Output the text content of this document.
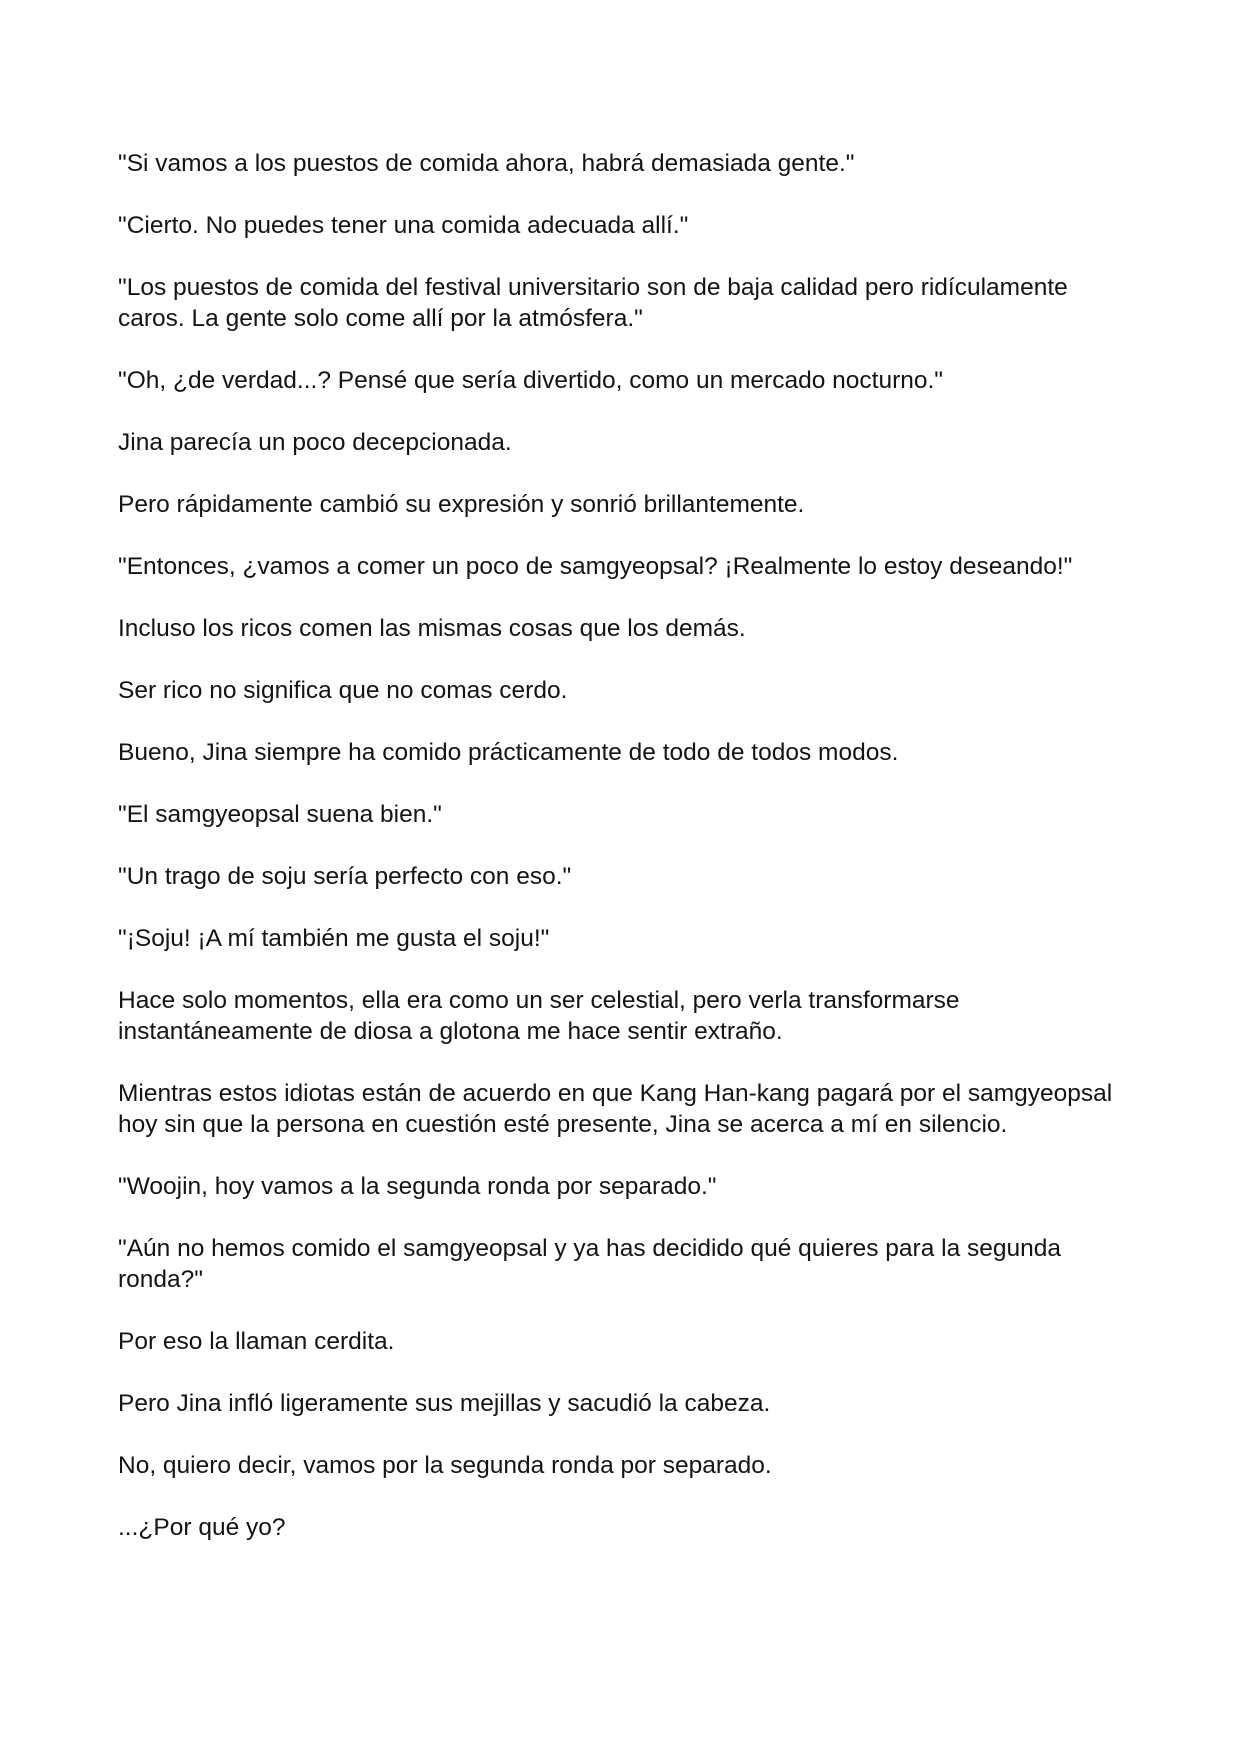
"Si vamos a los puestos de comida ahora, habrá demasiada gente."

"Cierto. No puedes tener una comida adecuada allí."

"Los puestos de comida del festival universitario son de baja calidad pero ridículamente caros. La gente solo come allí por la atmósfera."

"Oh, ¿de verdad...? Pensé que sería divertido, como un mercado nocturno."

Jina parecía un poco decepcionada.

Pero rápidamente cambió su expresión y sonrió brillantemente.

"Entonces, ¿vamos a comer un poco de samgyeopsal? ¡Realmente lo estoy deseando!"

Incluso los ricos comen las mismas cosas que los demás.

Ser rico no significa que no comas cerdo.

Bueno, Jina siempre ha comido prácticamente de todo de todos modos.

"El samgyeopsal suena bien."

"Un trago de soju sería perfecto con eso."

"¡Soju! ¡A mí también me gusta el soju!"

Hace solo momentos, ella era como un ser celestial, pero verla transformarse instantáneamente de diosa a glotona me hace sentir extraño.

Mientras estos idiotas están de acuerdo en que Kang Han-kang pagará por el samgyeopsal hoy sin que la persona en cuestión esté presente, Jina se acerca a mí en silencio.

"Woojin, hoy vamos a la segunda ronda por separado."

"Aún no hemos comido el samgyeopsal y ya has decidido qué quieres para la segunda ronda?"

Por eso la llaman cerdita.

Pero Jina infló ligeramente sus mejillas y sacudió la cabeza.

No, quiero decir, vamos por la segunda ronda por separado.

...¿Por qué yo?
